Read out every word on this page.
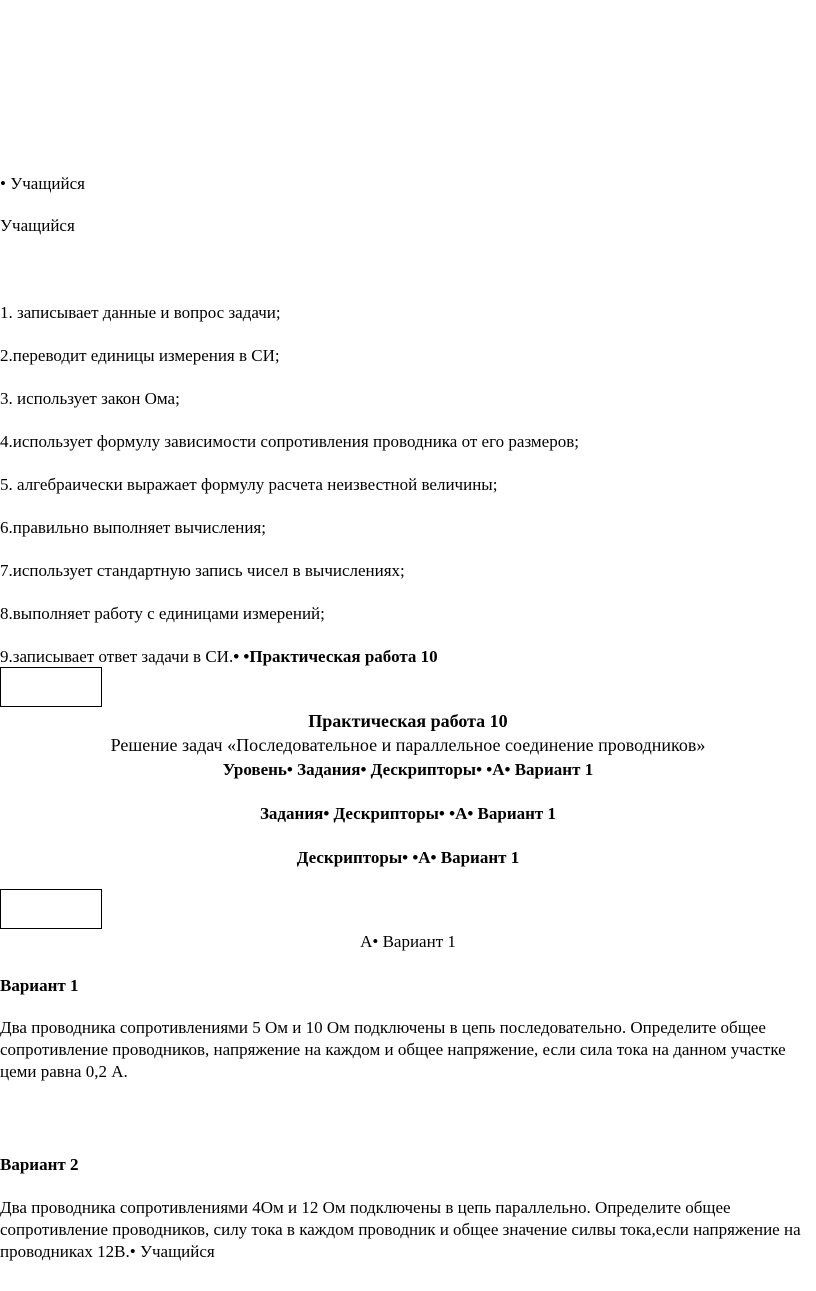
• Учащийся
Учащийся
1. записывает данные и вопрос задачи;
2.переводит единицы измерения в СИ;
3. использует закон Ома;
4.использует формулу зависимости сопротивления проводника от его размеров;
5. алгебраически выражает формулу расчета неизвестной величины;
6.правильно выполняет вычисления;
7.использует стандартную запись чисел в вычислениях;
8.выполняет работу с единицами измерений;
9.записывает ответ задачи в СИ.• •Практическая работа 10
Практическая работа 10
Решение задач «Последовательное и параллельное соединение проводников»
Уровень• Задания• Дескрипторы• •А• Вариант 1
Задания• Дескрипторы• •А• Вариант 1
Дескрипторы• •А• Вариант 1
А• Вариант 1
Вариант 1
Два проводника сопротивлениями 5 Ом и 10 Ом подключены в цепь последовательно. Определите общее сопротивление проводников, напряжение на каждом и общее напряжение, если сила тока на данном участке цеми равна 0,2 А.
Вариант 2
Два проводника сопротивлениями 4Ом и 12 Ом подключены в цепь параллельно. Определите общее сопротивление проводников, силу тока в каждом проводник и общее значение силвы тока,если напряжение на проводниках 12В.• Учащийся
